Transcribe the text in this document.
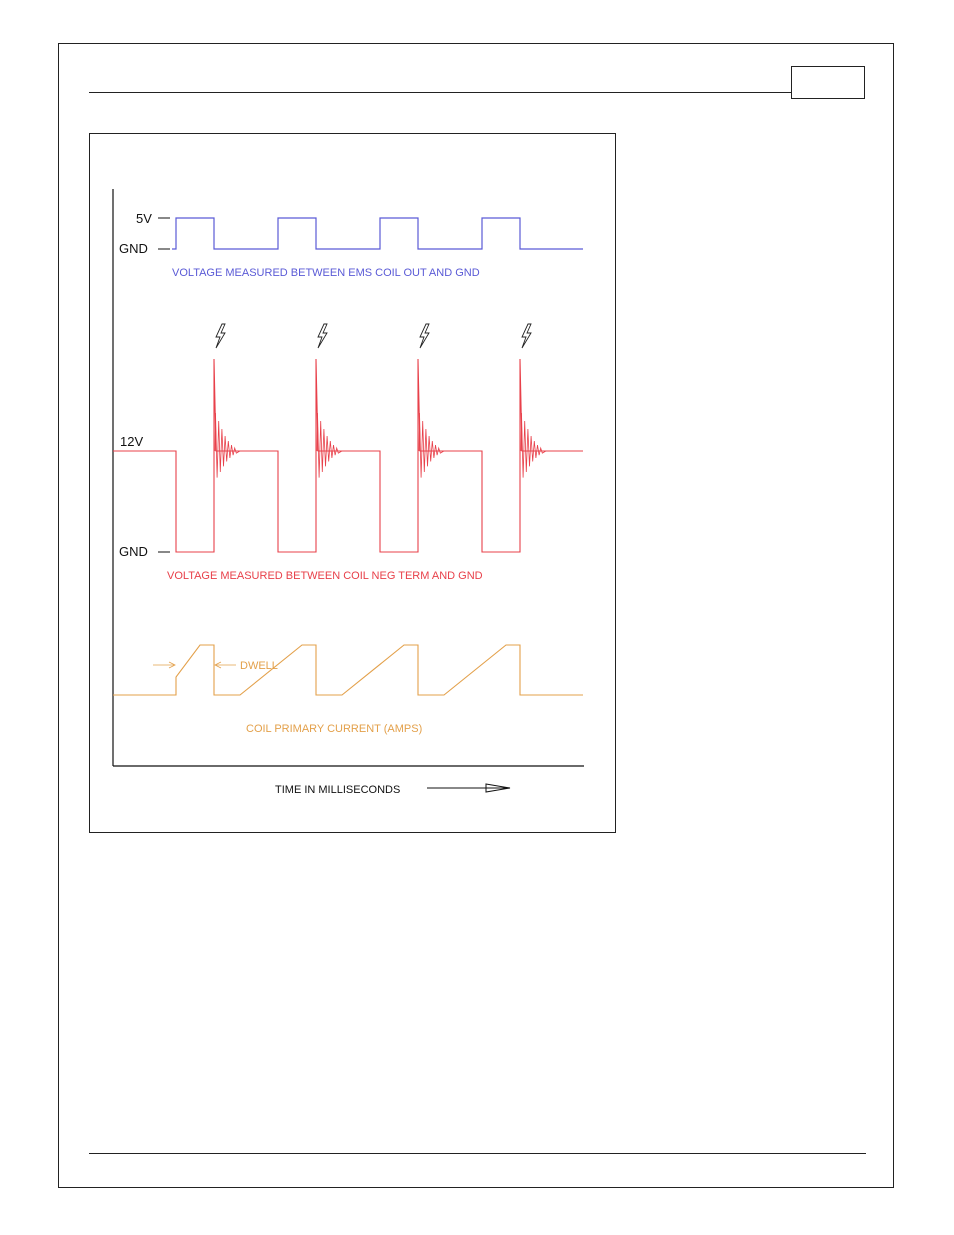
5V
GND
VOLTAGE MEASURED BETWEEN EMS COIL OUT AND GND
12V
GND
VOLTAGE MEASURED BETWEEN COIL NEG TERM AND GND
DWELL
COIL PRIMARY CURRENT (AMPS)
TIME IN MILLISECONDS
